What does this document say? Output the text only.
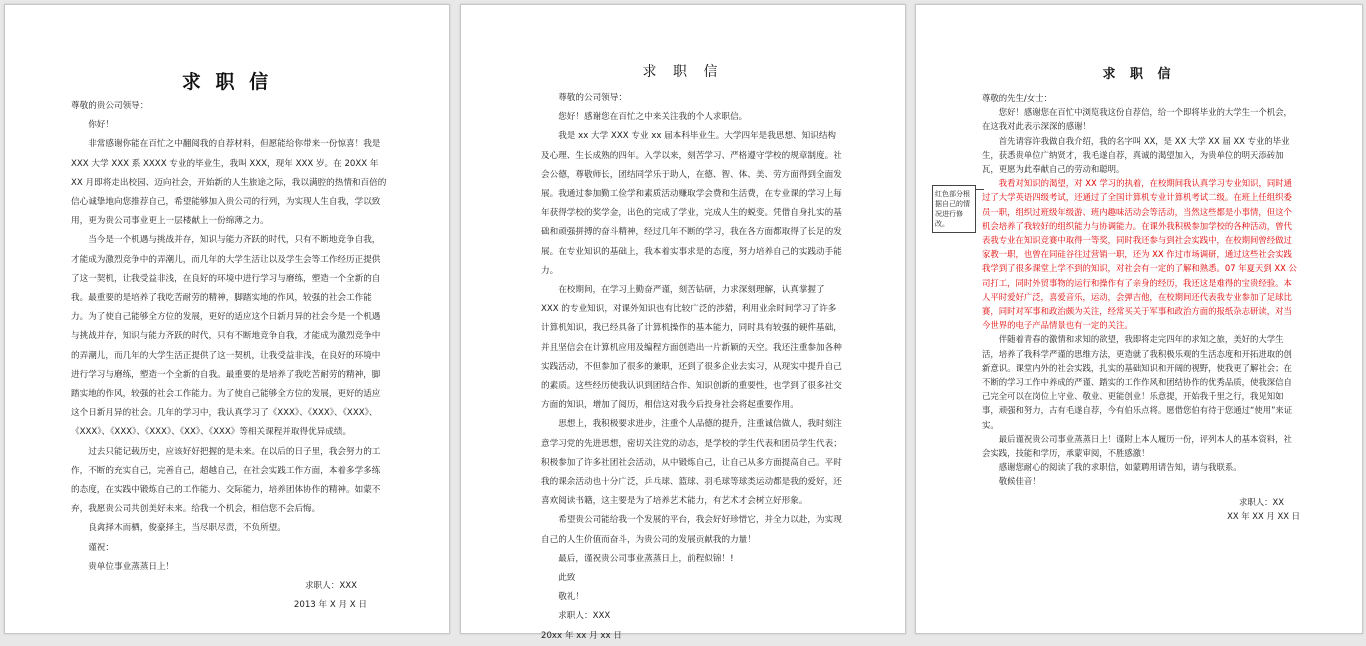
求 职 信

尊敬的贵公司领导：

你好！

非常感谢你能在百忙之中翻阅我的自荐材料，但愿能给你带来一份惊喜！我是 XXX 大学 XXX 系 XXXX 专业的毕业生，我叫 XXX，现年 XXX 岁。在 20XX 年 XX 月即将走出校园、迈向社会，开始新的人生旅途之际，我以满腔的热情和百倍的信心诚挚地向您推荐自己，希望能够加入贵公司的行列，为实现人生自我，学以致用，更为贵公司事业更上一层楼献上一份绵薄之力。

当今是一个机遇与挑战并存，知识与能力齐跃的时代，只有不断地竞争自我，才能成为激烈竞争中的弄潮儿，而几年的大学生活让以及学生会等工作经历正提供了这一契机，让我受益非浅，在良好的环境中进行学习与磨练，塑造一个全新的自我。最重要的是培养了我吃苦耐劳的精神，脚踏实地的作风，较强的社会工作能力。为了使自己能够全方位的发展，更好的适应这个日新月异的社会今是一个机遇与挑战并存，知识与能力齐跃的时代，只有不断地竞争自我，才能成为激烈竞争中的弄潮儿，而几年的大学生活正提供了这一契机，让我受益非浅，在良好的环境中进行学习与磨练，塑造一个全新的自我。最重要的是培养了我吃苦耐劳的精神，脚踏实地的作风，较强的社会工作能力。为了使自己能够全方位的发展，更好的适应这个日新月异的社会。几年的学习中，我认真学习了《XXX》、《XXX》、《XXX》、《XXX》、《XXX》、《XXX》、《XX》、《XXX》等相关课程并取得优异成绩。

过去只能记载历史，应该好好把握的是未来。在以后的日子里，我会努力的工作，不断的充实自己，完善自己，超越自己，在社会实践工作方面，本着多学多练的态度，在实践中锻炼自己的工作能力、交际能力，培养团体协作的精神。如蒙不弃，我愿贵公司共创美好未来。给我一个机会，相信您不会后悔。

良禽择木而栖，俊豪择主，当尽职尽责，不负所望。

谨祝：

贵单位事业蒸蒸日上！

求职人：XXX

2013 年 X 月 X 日

求 职 信

尊敬的公司领导：

您好！感谢您在百忙之中来关注我的个人求职信。

我是 xx 大学 XXX 专业 xx 届本科毕业生。大学四年是我思想、知识结构及心理、生长成熟的四年。入学以来，刻苦学习、严格遵守学校的规章制度。社会公德，尊敬师长，团结同学乐于助人，在德、智、体、美、劳方面得到全面发展。我通过参加勤工俭学和素质活动赚取学会费和生活费，在专业课的学习上每年获得学校的奖学金，出色的完成了学业，完成人生的蜕变。凭借自身扎实的基础和顽强拼搏的奋斗精神，经过几年不断的学习，我在各方面都取得了长足的发展。在专业知识的基础上，我本着实事求是的态度，努力培养自己的实践动手能力。

在校期间，在学习上勤奋严谨，刻苦钻研，力求深刻理解，认真掌握了 XXX 的专业知识，对课外知识也有比较广泛的涉猎，利用业余时间学习了许多计算机知识，我已经具备了计算机操作的基本能力，同时具有较强的硬件基础，并且坚信会在计算机应用及编程方面创造出一片新颖的天空。我还注重参加各种实践活动，不但参加了很多的兼职，还到了很多企业去实习，从现实中提升自己的素质。这些经历使我认识到团结合作、知识创新的重要性，也学到了很多社交方面的知识，增加了阅历，相信这对我今后投身社会将起重要作用。

思想上，我积极要求进步，注重个人品德的提升，注重诚信做人，我时刻注意学习党的先进思想，密切关注党的动态，是学校的学生代表和团员学生代表；积极参加了许多社团社会活动，从中锻炼自己，让自己从多方面提高自己。平时我的课余活动也十分广泛，乒乓球、篮球、羽毛球等球类运动都是我的爱好，还喜欢阅读书籍，这主要是为了培养艺术能力，有艺术才会树立好形象。

希望贵公司能给我一个发展的平台，我会好好珍惜它，并全力以赴，为实现自己的人生价值而奋斗，为贵公司的发展贡献我的力量！

最后，谨祝贵公司事业蒸蒸日上，前程似锦！!

此致

敬礼！

求职人：XXX

20xx 年 xx 月 xx 日

求 职 信
红色部分根据自己的情况进行修改。

尊敬的先生/女士：

您好！感谢您在百忙中浏览我这份自荐信，给一个即将毕业的大学生一个机会，在这我对此表示深深的感谢！

首先请容许我做自我介绍，我的名字叫 XX，是 XX 大学 XX 届 XX 专业的毕业生，获悉贵单位广纳贤才，我毛遂自荐，真诚的渴望加入，为贵单位的明天添砖加瓦，更愿为此奉献自己的劳动和聪明。

我看对知识的渴望，对 XX 学习的执着，在校期间我认真学习专业知识，同时通过了大学英语四级考试，还通过了全国计算机专业计算机考试二级。在班上任组织委员一职，组织过班级年级游、班内趣味活动会等活动，当然这些都是小事情，但这个机会培养了我较好的组织能力与协调能力。在课外我积极参加学校的各种活动，曾代表我专业在知识竞赛中取得一等奖，同时我还参与到社会实践中，在校期间曾经做过家教一职，也曾在同硅谷往过营销一职，还为 XX 作过市场调研，通过这些社会实践我学到了很多课堂上学不到的知识，对社会有一定的了解和熟悉。07 年夏天到 XX 公司打工，同时外贸事物的运行和操作有了亲身的经历，我还这是难得的宝贵经验。本人平时爱好广泛，喜爱音乐，运动，会弹吉他，在校期间还代表我专业参加了足球比赛，同时对军事和政治颇为关注，经常买关于军事和政治方面的报纸杂志研读，对当今世界的电子产品情景也有一定的关注。

伴随着青春的激情和求知的欲望，我即将走完四年的求知之旅，美好的大学生活，培养了我科学严谨的思维方法，更造就了我积极乐观的生活态度和开拓进取的创新意识。课堂内外的社会实践，扎实的基础知识和开阔的视野，使我更了解社会；在不断的学习工作中养成的严谨、踏实的工作作风和团结协作的优秀品质，使我深信自己完全可以在岗位上守业、敬业、更能创业！乐意提，开始我千里之行，我见知如事，顽强和努力，古有毛遂自荐，今有伯乐点将。愿借您伯有待于您通过“使用”来证实。

最后谨祝贵公司事业蒸蒸日上！谨附上本人履历一份，评列本人的基本资料，社会实践，技能和学历，承蒙审阅，不胜感激！

感谢您耐心的阅读了我的求职信，如蒙聘用请告知，请与我联系。

敬候佳音！

求职人：XX

XX 年 XX 月 XX 日
